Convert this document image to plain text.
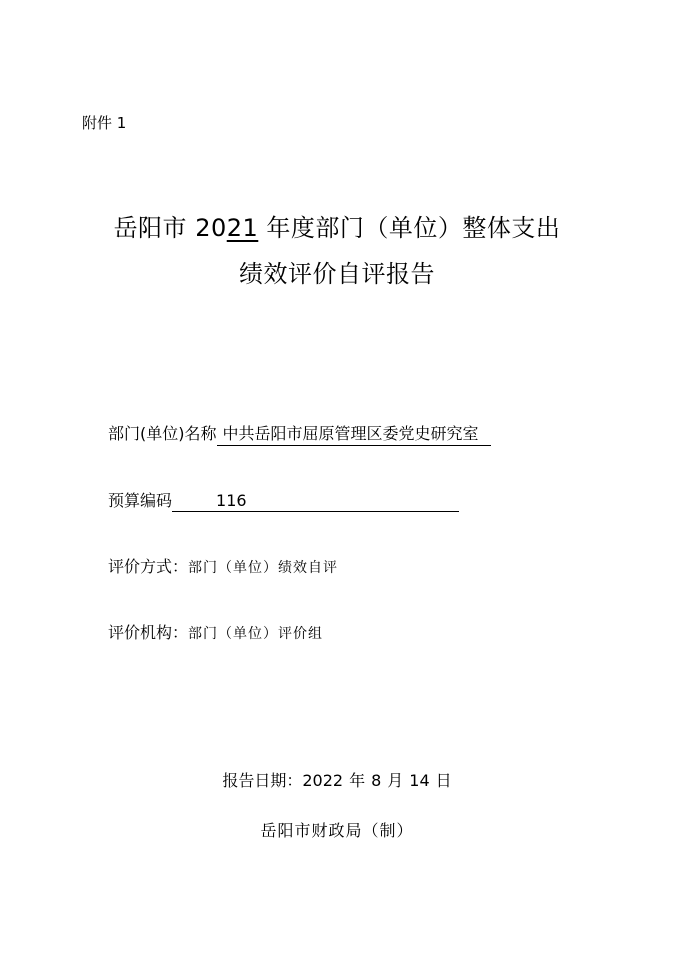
附件 1
岳阳市 2021 年度部门（单位）整体支出
绩效评价自评报告
部门(单位)名称 中共岳阳市屈原管理区委党史研究室
预算编码	116
评价方式：部门（单位）绩效自评
评价机构：部门（单位）评价组
报告日期：2022 年 8 月 14 日
岳阳市财政局（制）
